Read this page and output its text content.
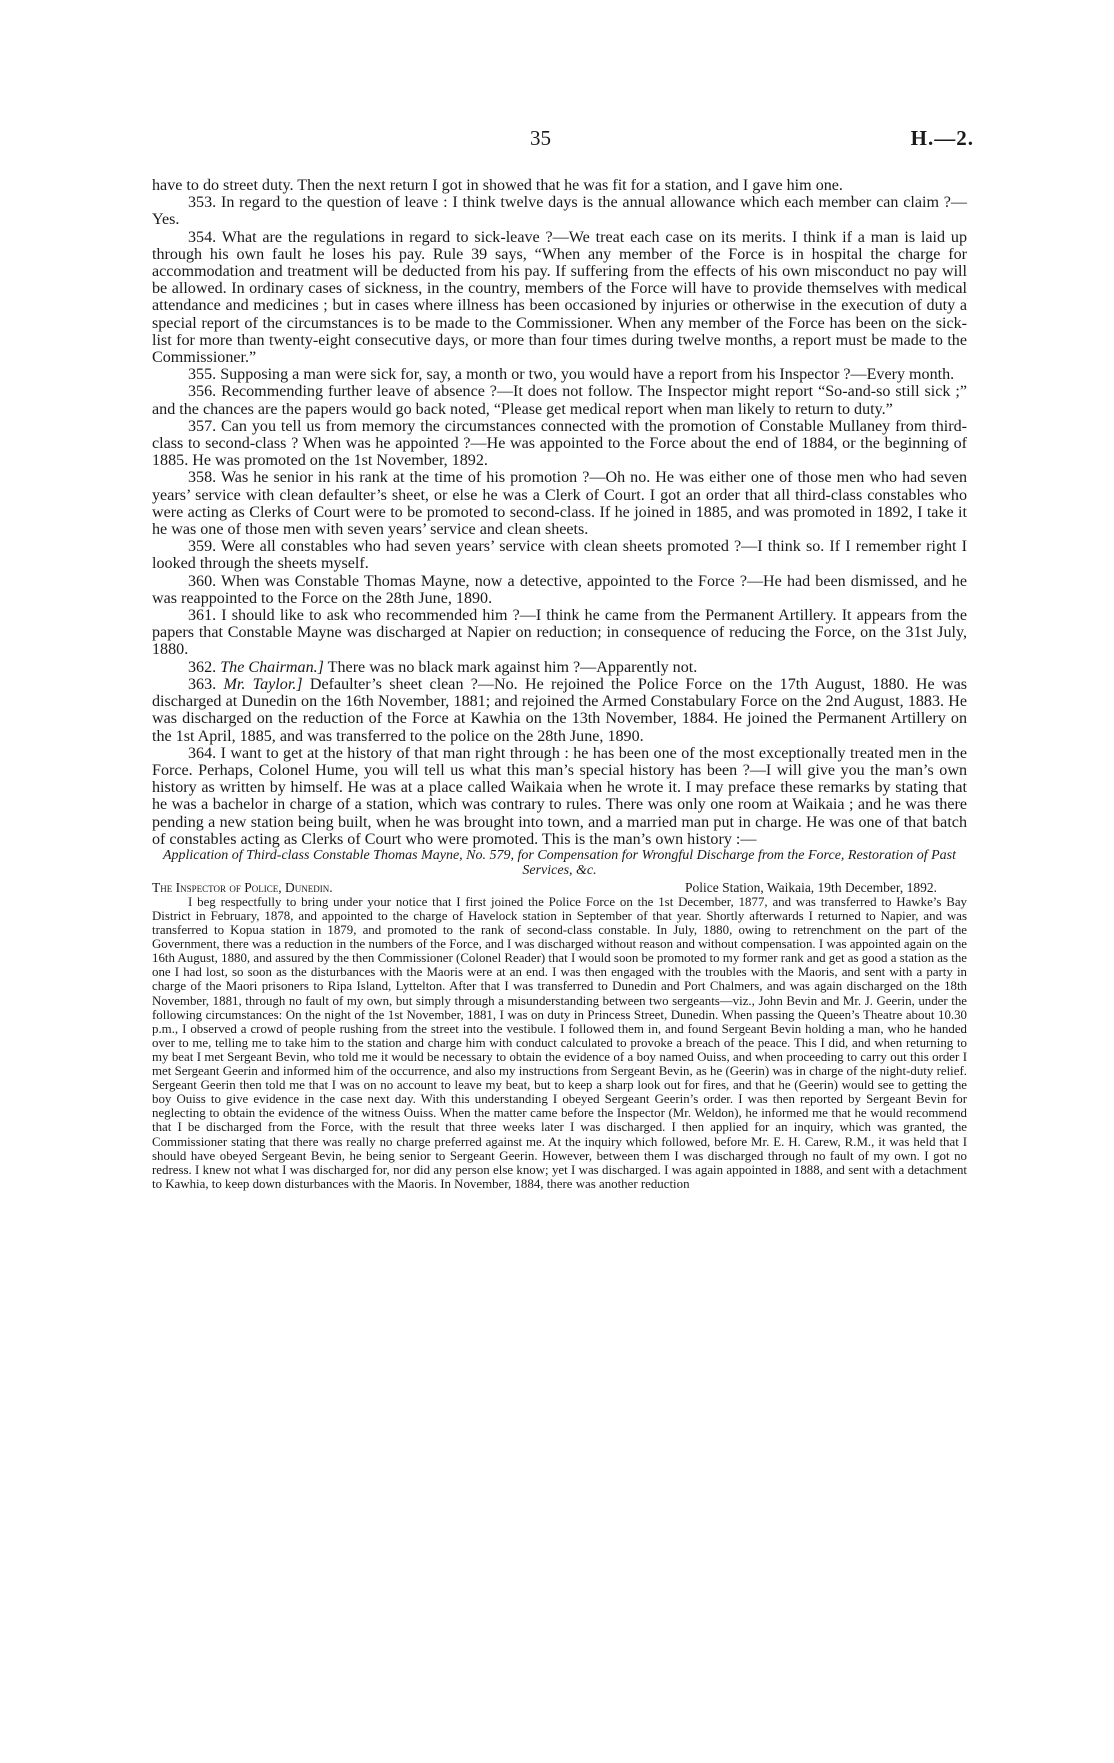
35	H.—2.

have to do street duty. Then the next return I got in showed that he was fit for a station, and I gave him one.

353. In regard to the question of leave : I think twelve days is the annual allowance which each member can claim ?—Yes.

354. What are the regulations in regard to sick-leave ?—We treat each case on its merits. I think if a man is laid up through his own fault he loses his pay. Rule 39 says, “When any member of the Force is in hospital the charge for accommodation and treatment will be deducted from his pay. If suffering from the effects of his own misconduct no pay will be allowed. In ordinary cases of sickness, in the country, members of the Force will have to provide themselves with medical attendance and medicines ; but in cases where illness has been occasioned by injuries or otherwise in the execution of duty a special report of the circumstances is to be made to the Commissioner. When any member of the Force has been on the sick-list for more than twenty-eight consecutive days, or more than four times during twelve months, a report must be made to the Commissioner.”

355. Supposing a man were sick for, say, a month or two, you would have a report from his Inspector ?—Every month.

356. Recommending further leave of absence ?—It does not follow. The Inspector might report “So-and-so still sick ;” and the chances are the papers would go back noted, “Please get medical report when man likely to return to duty.”

357. Can you tell us from memory the circumstances connected with the promotion of Constable Mullaney from third-class to second-class ? When was he appointed ?—He was appointed to the Force about the end of 1884, or the beginning of 1885. He was promoted on the 1st November, 1892.

358. Was he senior in his rank at the time of his promotion ?—Oh no. He was either one of those men who had seven years’ service with clean defaulter’s sheet, or else he was a Clerk of Court. I got an order that all third-class constables who were acting as Clerks of Court were to be promoted to second-class. If he joined in 1885, and was promoted in 1892, I take it he was one of those men with seven years’ service and clean sheets.

359. Were all constables who had seven years’ service with clean sheets promoted ?—I think so. If I remember right I looked through the sheets myself.

360. When was Constable Thomas Mayne, now a detective, appointed to the Force ?—He had been dismissed, and he was reappointed to the Force on the 28th June, 1890.

361. I should like to ask who recommended him ?—I think he came from the Permanent Artillery. It appears from the papers that Constable Mayne was discharged at Napier on reduction; in consequence of reducing the Force, on the 31st July, 1880.

362. The Chairman.] There was no black mark against him ?—Apparently not.

363. Mr. Taylor.] Defaulter’s sheet clean ?—No. He rejoined the Police Force on the 17th August, 1880. He was discharged at Dunedin on the 16th November, 1881; and rejoined the Armed Constabulary Force on the 2nd August, 1883. He was discharged on the reduction of the Force at Kawhia on the 13th November, 1884. He joined the Permanent Artillery on the 1st April, 1885, and was transferred to the police on the 28th June, 1890.

364. I want to get at the history of that man right through : he has been one of the most exceptionally treated men in the Force. Perhaps, Colonel Hume, you will tell us what this man’s special history has been ?—I will give you the man’s own history as written by himself. He was at a place called Waikaia when he wrote it. I may preface these remarks by stating that he was a bachelor in charge of a station, which was contrary to rules. There was only one room at Waikaia ; and he was there pending a new station being built, when he was brought into town, and a married man put in charge. He was one of that batch of constables acting as Clerks of Court who were promoted. This is the man’s own history :—

Application of Third-class Constable Thomas Mayne, No. 579, for Compensation for Wrongful Discharge from the Force, Restoration of Past Services, &c.

The Inspector of Police, Dunedin.	Police Station, Waikaia, 19th December, 1892.

I beg respectfully to bring under your notice that I first joined the Police Force on the 1st December, 1877, and was transferred to Hawke’s Bay District in February, 1878, and appointed to the charge of Havelock station in September of that year. Shortly afterwards I returned to Napier, and was transferred to Kopua station in 1879, and promoted to the rank of second-class constable. In July, 1880, owing to retrenchment on the part of the Government, there was a reduction in the numbers of the Force, and I was discharged without reason and without compensation. I was appointed again on the 16th August, 1880, and assured by the then Commissioner (Colonel Reader) that I would soon be promoted to my former rank and get as good a station as the one I had lost, so soon as the disturbances with the Maoris were at an end. I was then engaged with the troubles with the Maoris, and sent with a party in charge of the Maori prisoners to Ripa Island, Lyttelton. After that I was transferred to Dunedin and Port Chalmers, and was again discharged on the 18th November, 1881, through no fault of my own, but simply through a misunderstanding between two sergeants—viz., John Bevin and Mr. J. Geerin, under the following circumstances: On the night of the 1st November, 1881, I was on duty in Princess Street, Dunedin. When passing the Queen’s Theatre about 10.30 p.m., I observed a crowd of people rushing from the street into the vestibule. I followed them in, and found Sergeant Bevin holding a man, who he handed over to me, telling me to take him to the station and charge him with conduct calculated to provoke a breach of the peace. This I did, and when returning to my beat I met Sergeant Bevin, who told me it would be necessary to obtain the evidence of a boy named Ouiss, and when proceeding to carry out this order I met Sergeant Geerin and informed him of the occurrence, and also my instructions from Sergeant Bevin, as he (Geerin) was in charge of the night-duty relief. Sergeant Geerin then told me that I was on no account to leave my beat, but to keep a sharp look out for fires, and that he (Geerin) would see to getting the boy Ouiss to give evidence in the case next day. With this understanding I obeyed Sergeant Geerin’s order. I was then reported by Sergeant Bevin for neglecting to obtain the evidence of the witness Ouiss. When the matter came before the Inspector (Mr. Weldon), he informed me that he would recommend that I be discharged from the Force, with the result that three weeks later I was discharged. I then applied for an inquiry, which was granted, the Commissioner stating that there was really no charge preferred against me. At the inquiry which followed, before Mr. E. H. Carew, R.M., it was held that I should have obeyed Sergeant Bevin, he being senior to Sergeant Geerin. However, between them I was discharged through no fault of my own. I got no redress. I knew not what I was discharged for, nor did any person else know; yet I was discharged. I was again appointed in 1888, and sent with a detachment to Kawhia, to keep down disturbances with the Maoris. In November, 1884, there was another reduction
